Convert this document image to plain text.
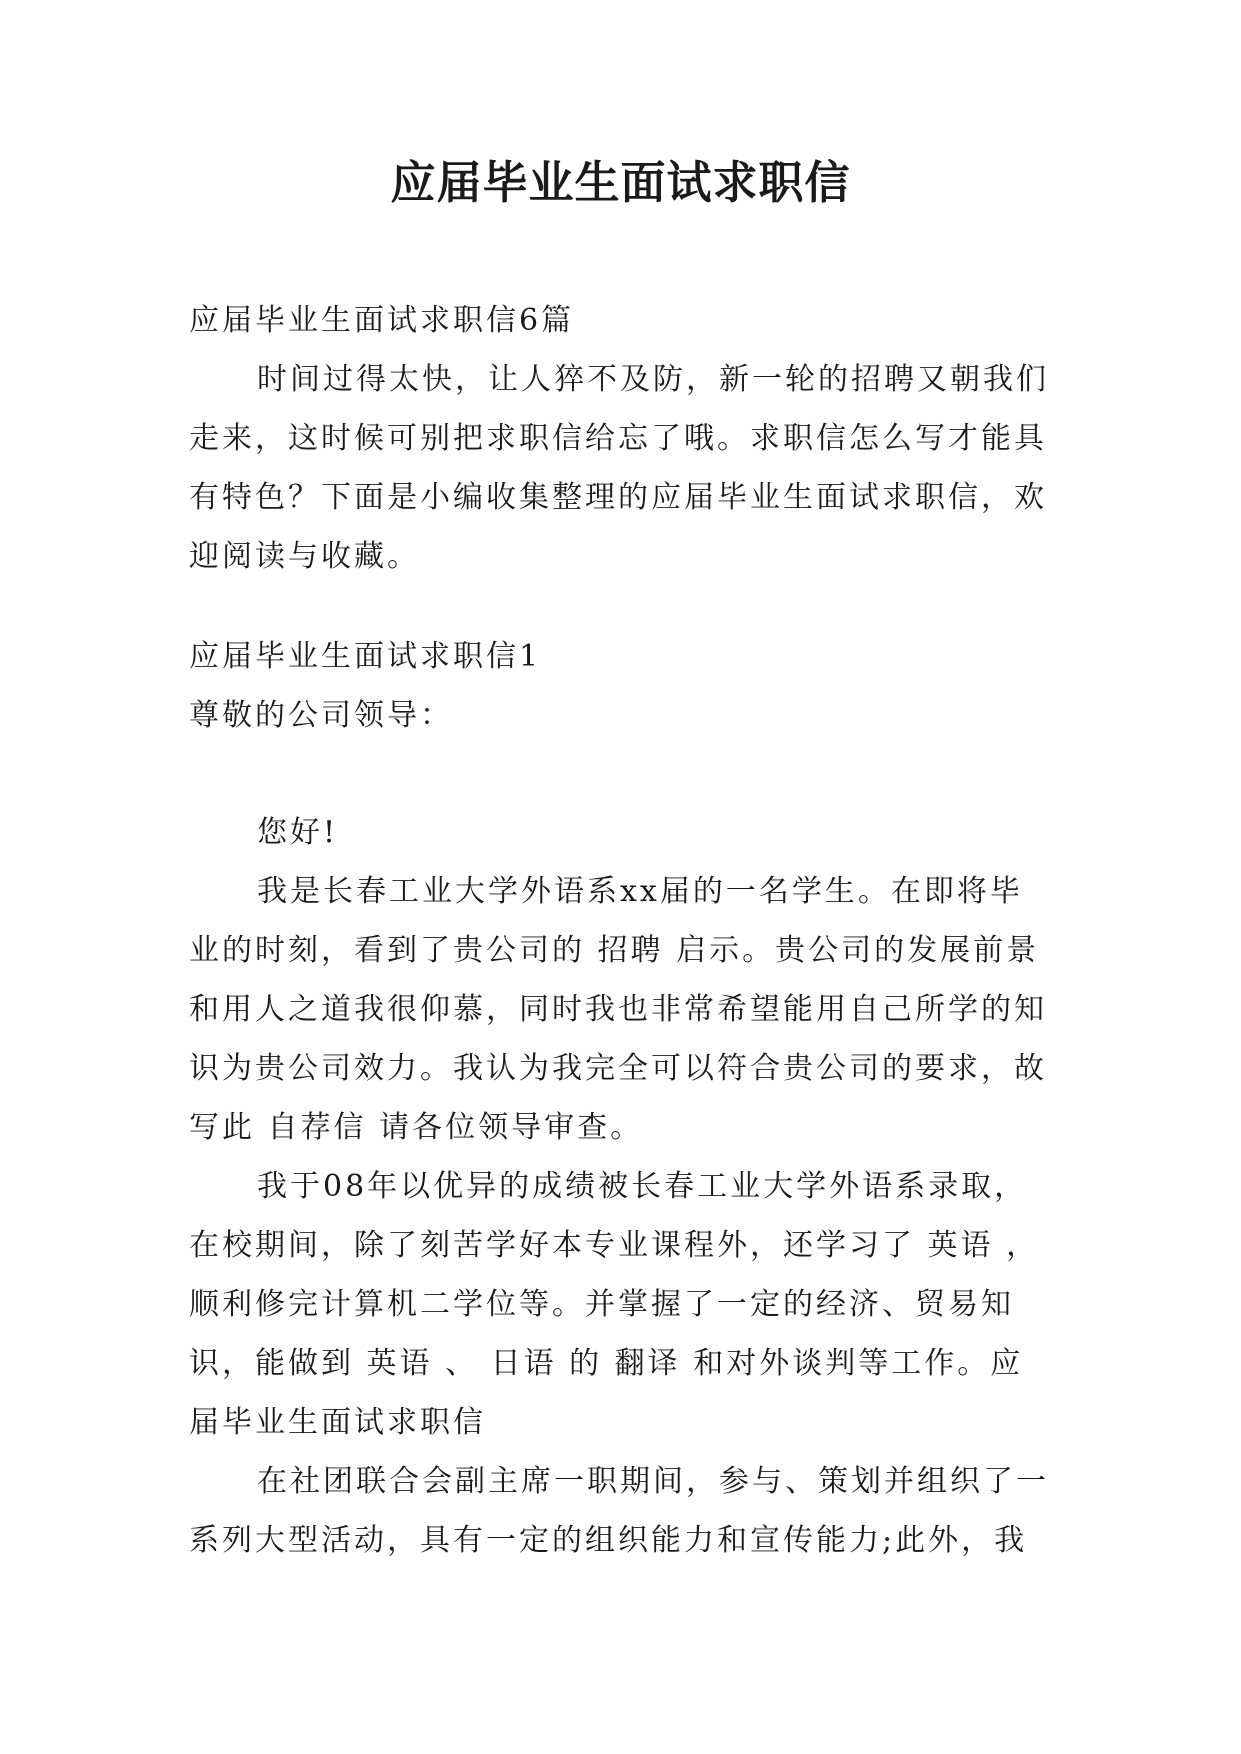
应届毕业生面试求职信

应届毕业生面试求职信6篇

时间过得太快，让人猝不及防，新一轮的招聘又朝我们走来，这时候可别把求职信给忘了哦。求职信怎么写才能具有特色？下面是小编收集整理的应届毕业生面试求职信，欢迎阅读与收藏。

应届毕业生面试求职信1

尊敬的公司领导：

您好!

我是长春工业大学外语系xx届的一名学生。在即将毕业的时刻，看到了贵公司的 招聘 启示。贵公司的发展前景和用人之道我很仰慕，同时我也非常希望能用自己所学的知识为贵公司效力。我认为我完全可以符合贵公司的要求，故写此 自荐信 请各位领导审查。

我于08年以优异的成绩被长春工业大学外语系录取，在校期间，除了刻苦学好本专业课程外，还学习了 英语 ，顺利修完计算机二学位等。并掌握了一定的经济、贸易知识，能做到 英语 、 日语 的 翻译 和对外谈判等工作。应届毕业生面试求职信

在社团联合会副主席一职期间，参与、策划并组织了一系列大型活动，具有一定的组织能力和宣传能力;此外，我
